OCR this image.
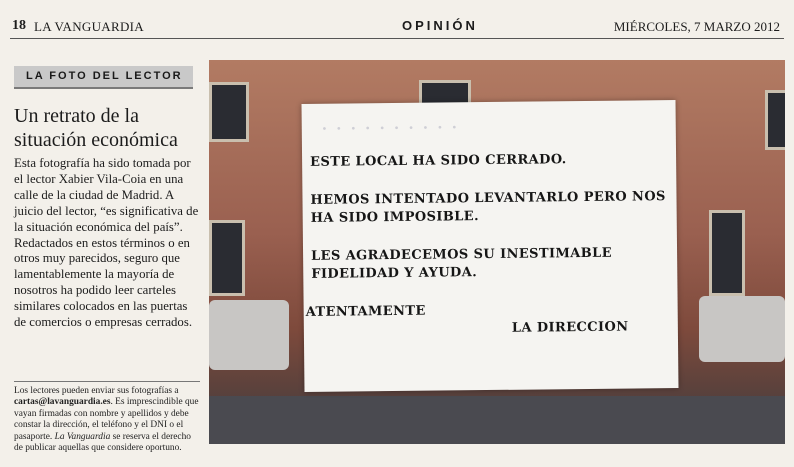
18 LA VANGUARDIA	OPINIÓN	MIÉRCOLES, 7 MARZO 2012
LA FOTO DEL LECTOR
Un retrato de la situación económica

Esta fotografía ha sido tomada por el lector Xabier Vila-Coia en una calle de la ciudad de Madrid. A juicio del lector, “es significativa de la situación económica del país”. Redactados en estos términos o en otros muy parecidos, seguro que lamentablemente la mayoría de nosotros ha podido leer carteles similares colocados en las puertas de comercios o empresas cerrados.

Los lectores pueden enviar sus fotografías a cartas@lavanguardia.es. Es imprescindible que vayan firmadas con nombre y apellidos y debe constar la dirección, el teléfono y el DNI o el pasaporte. La Vanguardia se reserva el derecho de publicar aquellas que considere oportuno.

· · · · · · · · · ·
ESTE LOCAL HA SIDO CERRADO.
HEMOS INTENTADO LEVANTARLO PERO NOS
HA SIDO IMPOSIBLE.
LES AGRADECEMOS SU INESTIMABLE
FIDELIDAD Y AYUDA.
ATENTAMENTE
LA DIRECCION
